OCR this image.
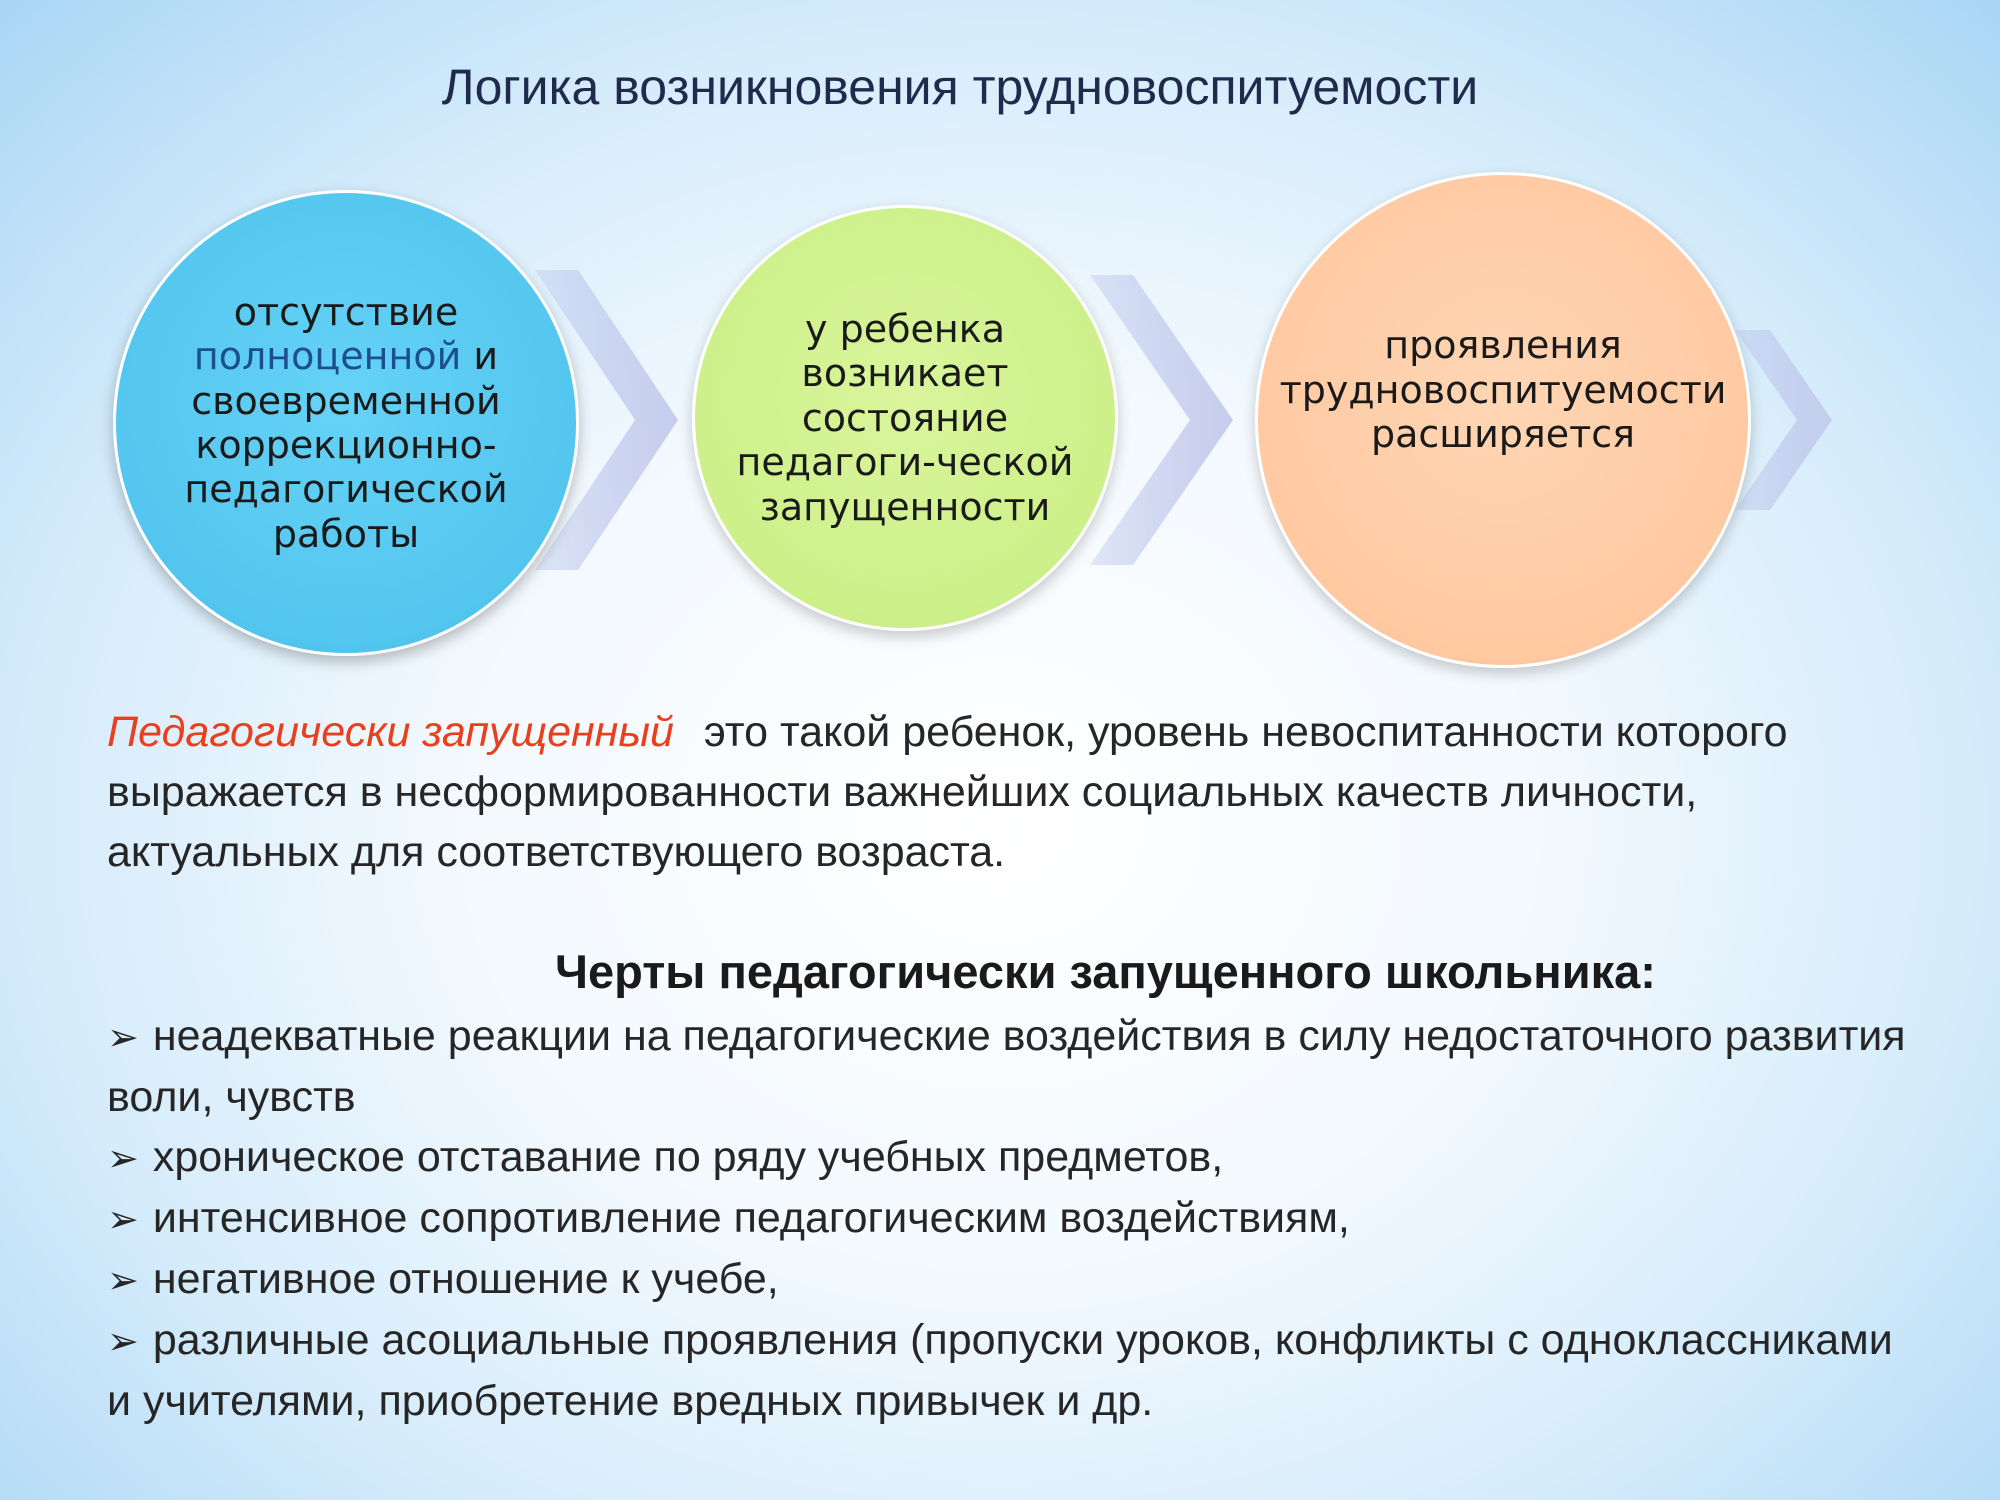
Логика возникновения трудновоспитуемости
отсутствие полноценной и своевременной коррекционно-педагогической работы
у ребенка возникает состояние педагоги-ческой запущенности
проявления трудновоспитуемости расширяется
Педагогически запущенный это такой ребенок, уровень невоспитанности которого выражается в несформированности важнейших социальных качеств личности, актуальных для соответствующего возраста.
Черты педагогически запущенного школьника:
➢ неадекватные реакции на педагогические воздействия в силу недостаточного развития воли, чувств
➢ хроническое отставание по ряду учебных предметов,
➢ интенсивное сопротивление педагогическим воздействиям,
➢ негативное отношение к учебе,
➢ различные асоциальные проявления (пропуски уроков, конфликты с одноклассниками и учителями, приобретение вредных привычек и др.
